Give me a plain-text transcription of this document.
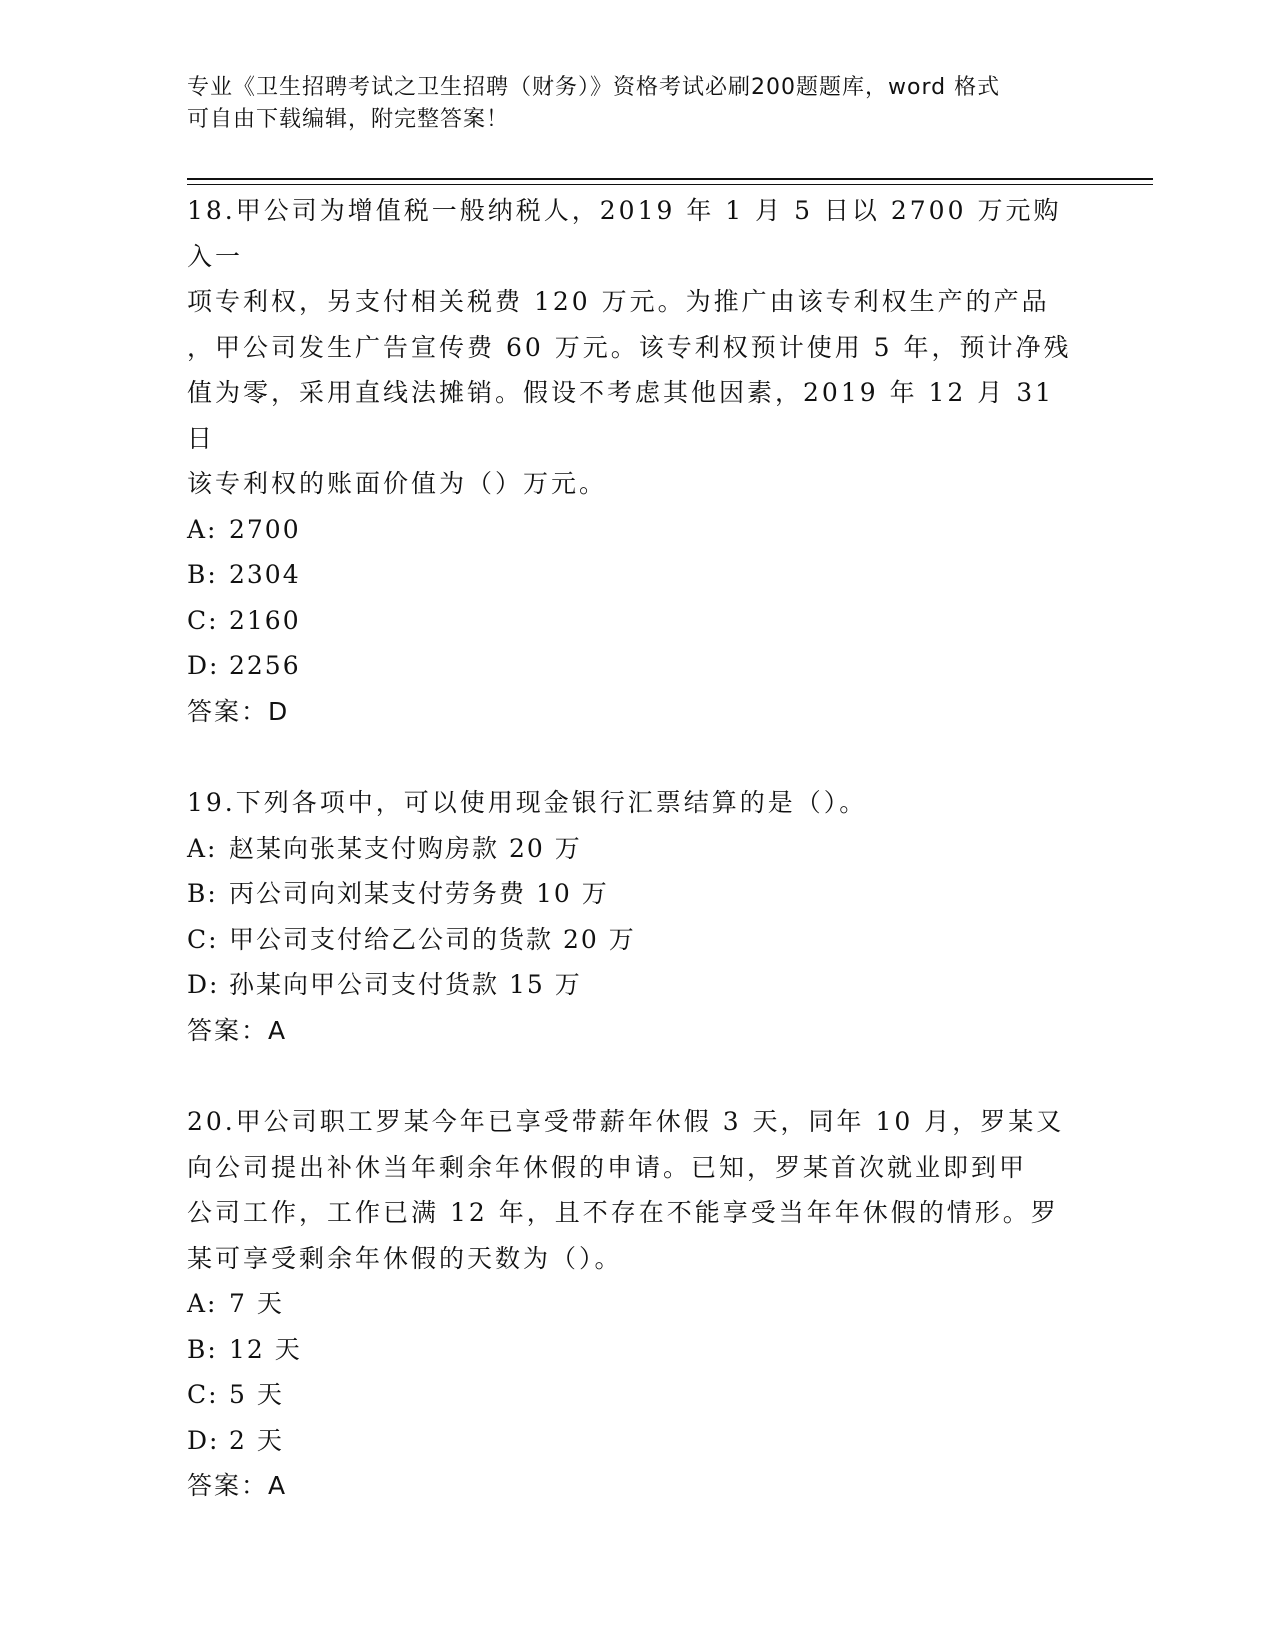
专业《卫生招聘考试之卫生招聘（财务）》资格考试必刷200题题库，word 格式
可自由下载编辑，附完整答案！

18.甲公司为增值税一般纳税人，2019 年 1 月 5 日以 2700 万元购入一

项专利权，另支付相关税费 120 万元。为推广由该专利权生产的产品

，甲公司发生广告宣传费 60 万元。该专利权预计使用 5 年，预计净残

值为零，采用直线法摊销。假设不考虑其他因素，2019 年 12 月 31 日

该专利权的账面价值为（）万元。

A: 2700

B: 2304

C: 2160

D: 2256

答案：D

19.下列各项中，可以使用现金银行汇票结算的是（）。

A: 赵某向张某支付购房款 20 万

B: 丙公司向刘某支付劳务费 10 万

C: 甲公司支付给乙公司的货款 20 万

D: 孙某向甲公司支付货款 15 万

答案：A

20.甲公司职工罗某今年已享受带薪年休假 3 天，同年 10 月，罗某又

向公司提出补休当年剩余年休假的申请。已知，罗某首次就业即到甲

公司工作，工作已满 12 年，且不存在不能享受当年年休假的情形。罗

某可享受剩余年休假的天数为（）。

A: 7 天

B: 12 天

C: 5 天

D: 2 天

答案：A
